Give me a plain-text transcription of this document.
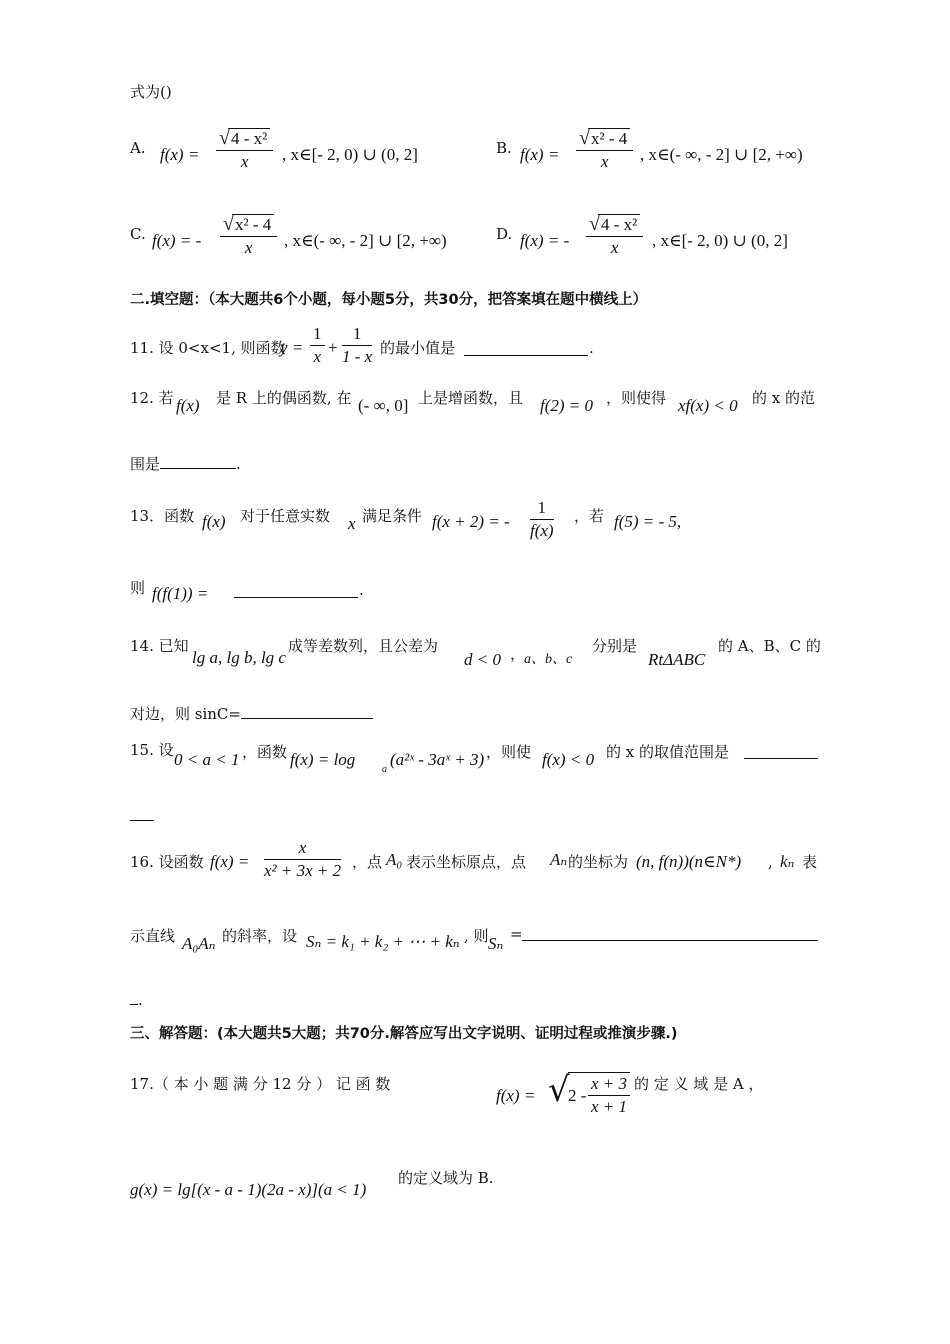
式为()
A. $f(x) = \frac{\text{√4 - x²}}{x}$ , x∈[- 2, 0) ∪ (0, 2]	B. $f(x) = \frac{\text{√x² - 4}}{x}$ , x∈(- ∞, - 2] ∪ [2, +∞)
C. f(x) = - $\frac{\text{√x² - 4}}{x}$ , x∈(- ∞, - 2] ∪ [2, +∞)	D. f(x) = - $\frac{\text{√4 - x²}}{x}$ , x∈[- 2, 0) ∪ (0, 2]
二.填空题：（本大题共6个小题，每小题5分，共30分，把答案填在题中横线上）
11. 设 0<x<1, 则函数
$y = \frac{1}{x} + \frac{1}{1 - x}$ 的最小值是	.
12. 若 f(x) 是 R 上的偶函数, 在 (- ∞, 0] 上是增函数，且 f(2) = 0 ，则使得 xf(x) < 0 的 x 的范
围是	.
13．函数 f(x) 对于任意实数 x 满足条件 f(x + 2) = - $\frac{1}{f(x)}$ ，若 f(5) = - 5,
则 f(f(1)) =	.
14. 已知
lg a, lg b, lg c
成等差数列，且公差为
d < 0 ，
a、b、c
分别是
RtΔABC
的 A、B、C 的
对边，则 sinC=
15. 设 0 < a < 1 ，函数 f(x) = log
a
(a²ˣ - 3aˣ + 3) ，则使 f(x) < 0 的 x 的取值范围是
16. 设函数 $f(x) = \frac{x}{\text{x² + 3x + 2}}$ ，点 A₀ 表示坐标原点，点 Aₙ 的坐标为 (n, f(n))(n∈N*) , kₙ 表
示直线 A₀Aₙ 的斜率，设 Sₙ = k₁ + k₂ + ⋯ + kₙ , 则 Sₙ =
.
三、解答题：(本大题共5大题；共70分.解答应写出文字说明、证明过程或推演步骤.)
17.（ 本 小 题 满 分 12 分 ） 记 函 数
f(x) = √
$2 - \frac{x + 3}{x + 1}$ 的 定 义 域 是 A ，
g(x) = lg[(x - a - 1)(2a - x)](a < 1)
的定义域为 B.
